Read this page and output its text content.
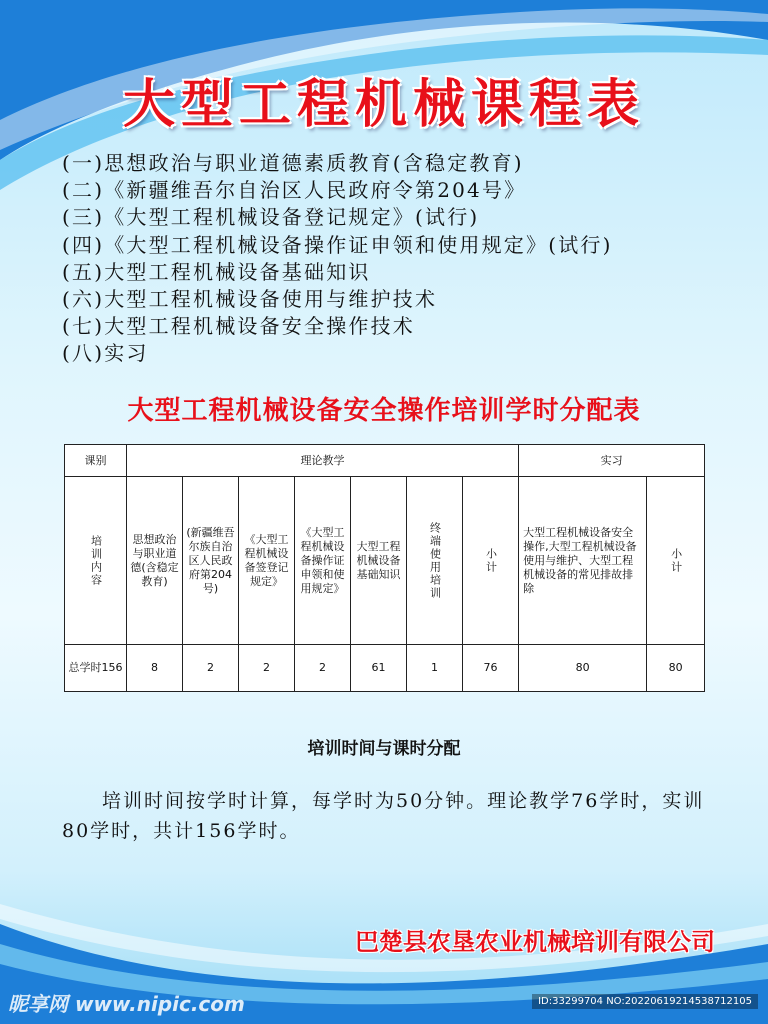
大型工程机械课程表
(一)思想政治与职业道德素质教育(含稳定教育)
(二)《新疆维吾尔自治区人民政府令第204号》
(三)《大型工程机械设备登记规定》(试行)
(四)《大型工程机械设备操作证申领和使用规定》(试行)
(五)大型工程机械设备基础知识
(六)大型工程机械设备使用与维护技术
(七)大型工程机械设备安全操作技术
(八)实习
大型工程机械设备安全操作培训学时分配表
课别	理论教学							实习	

培训内容	思想政治与职业道德(含稳定教育)	(新疆维吾尔族自治区人民政府第204号)	《大型工程机械设备签登记规定》	《大型工程机械设备操作证申领和使用规定》	大型工程机械设备基础知识	终端使用培训	小计	大型工程机械设备安全操作,大型工程机械设备使用与维护、大型工程机械设备的常见排故排除	小计

总学时156	8	2	2	2	61	1	76	80	80
培训时间与课时分配
培训时间按学时计算，每学时为50分钟。理论教学76学时，实训80学时，共计156学时。
巴楚县农垦农业机械培训有限公司
昵享网 www.nipic.com	ID:33299704 NO:20220619214538712105
